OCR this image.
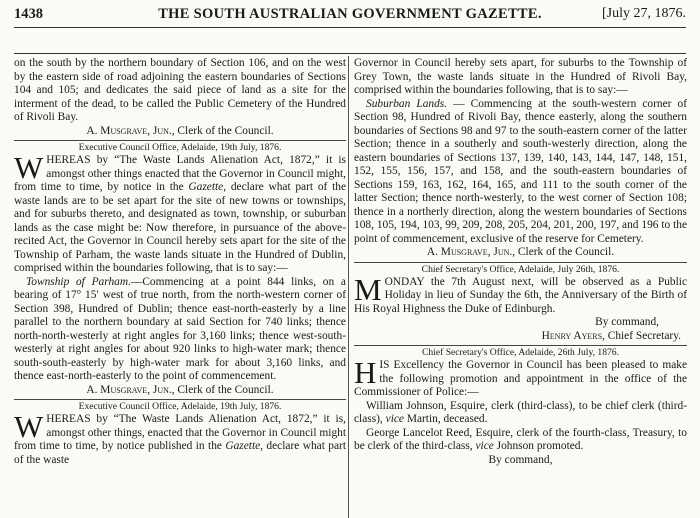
1438	THE SOUTH AUSTRALIAN GOVERNMENT GAZETTE.	[July 27, 1876.

on the south by the northern boundary of Section 106, and on the west by the eastern side of road adjoining the eastern boundaries of Sections 104 and 105; and dedicates the said piece of land as a site for the interment of the dead, to be called the Public Cemetery of the Hundred of Rivoli Bay.

A. Musgrave, Jun., Clerk of the Council.

Executive Council Office, Adelaide, 19th July, 1876.

WHEREAS by “The Waste Lands Alienation Act, 1872,” it is amongst other things enacted that the Governor in Council might, from time to time, by notice in the Gazette, declare what part of the waste lands are to be set apart for the site of new towns or townships, and for suburbs thereto, and designated as town, township, or suburban lands as the case might be: Now therefore, in pursuance of the above-recited Act, the Governor in Council hereby sets apart for the site of the Township of Parham, the waste lands situate in the Hundred of Dublin, comprised within the boundaries following, that is to say:—

Township of Parham.—Commencing at a point 844 links, on a bearing of 17° 15′ west of true north, from the north-western corner of Section 398, Hundred of Dublin; thence east-north-easterly by a line parallel to the northern boundary at said Section for 740 links; thence north-north-westerly at right angles for 3,160 links; thence west-south-westerly at right angles for about 920 links to high-water mark; thence south-south-easterly by high-water mark for about 3,160 links, and thence east-north-easterly to the point of commencement.

A. Musgrave, Jun., Clerk of the Council.

Executive Council Office, Adelaide, 19th July, 1876.

WHEREAS by “The Waste Lands Alienation Act, 1872,” it is, amongst other things, enacted that the Governor in Council might from time to time, by notice published in the Gazette, declare what part of the waste

Governor in Council hereby sets apart, for suburbs to the Township of Grey Town, the waste lands situate in the Hundred of Rivoli Bay, comprised within the boundaries following, that is to say:—

Suburban Lands. — Commencing at the south-western corner of Section 98, Hundred of Rivoli Bay, thence easterly, along the southern boundaries of Sections 98 and 97 to the south-eastern corner of the latter Section; thence in a southerly and south-westerly direction, along the eastern boundaries of Sections 137, 139, 140, 143, 144, 147, 148, 151, 152, 155, 156, 157, and 158, and the south-eastern boundaries of Sections 159, 163, 162, 164, 165, and 111 to the south corner of the latter Section; thence north-westerly, to the west corner of Section 108; thence in a northerly direction, along the western boundaries of Sections 108, 105, 194, 103, 99, 209, 208, 205, 204, 201, 200, 197, and 196 to the point of commencement, exclusive of the reserve for Cemetery.

A. Musgrave, Jun., Clerk of the Council.

Chief Secretary's Office, Adelaide, July 26th, 1876.

MONDAY the 7th August next, will be observed as a Public Holiday in lieu of Sunday the 6th, the Anniversary of the Birth of His Royal Highness the Duke of Edinburgh.

By command,

Henry Ayers, Chief Secretary.

Chief Secretary's Office, Adelaide, 26th July, 1876.

HIS Excellency the Governor in Council has been pleased to make the following promotion and appointment in the office of the Commissioner of Police:—

William Johnson, Esquire, clerk (third-class), to be chief clerk (third-class), vice Martin, deceased.

George Lancelot Reed, Esquire, clerk of the fourth-class, Treasury, to be clerk of the third-class, vice Johnson promoted.

By command,
